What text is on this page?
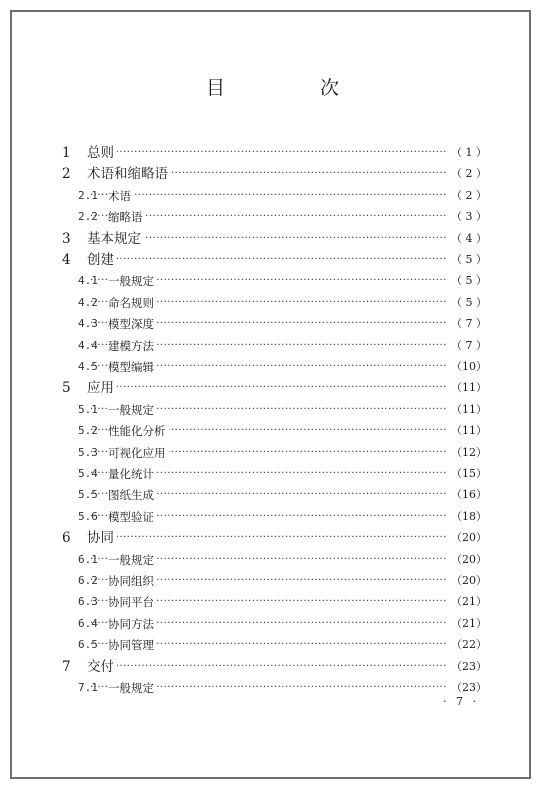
目　次
1 ····· 总则	（ 1 ）
2 ····· 术语和缩略语	（ 2 ）
2.1 ····· 术语	（ 2 ）
2.2 ····· 缩略语	（ 3 ）
3 ····· 基本规定	（ 4 ）
4 ····· 创建	（ 5 ）
4.1 ····· 一般规定	（ 5 ）
4.2 ····· 命名规则	（ 5 ）
4.3 ····· 模型深度	（ 7 ）
4.4 ····· 建模方法	（ 7 ）
4.5 ····· 模型编辑	（10）
5 ····· 应用	（11）
5.1 ····· 一般规定	（11）
5.2 ····· 性能化分析	（11）
5.3 ····· 可视化应用	（12）
5.4 ····· 量化统计	（15）
5.5 ····· 图纸生成	（16）
5.6 ····· 模型验证	（18）
6 ····· 协同	（20）
6.1 ····· 一般规定	（20）
6.2 ····· 协同组织	（20）
6.3 ····· 协同平台	（21）
6.4 ····· 协同方法	（21）
6.5 ····· 协同管理	（22）
7 ····· 交付	（23）
7.1 ····· 一般规定	（23）
· 7 ·
